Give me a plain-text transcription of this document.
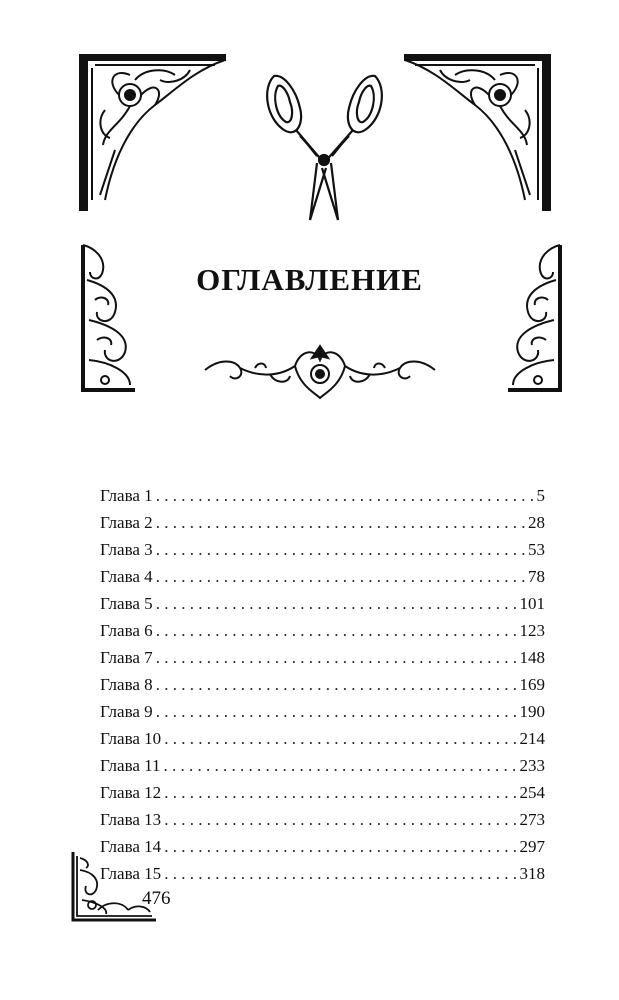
ОГЛАВЛЕНИЕ
Глава 1 . . .	5
Глава 2 . . .	28
Глава 3 . . .	53
Глава 4 . . .	78
Глава 5 . . .	101
Глава 6 . . .	123
Глава 7 . . .	148
Глава 8 . . .	169
Глава 9 . . .	190
Глава 10 . . .	214
Глава 11 . . .	233
Глава 12 . . .	254
Глава 13 . . .	273
Глава 14 . . .	297
Глава 15 . . .	318
476
